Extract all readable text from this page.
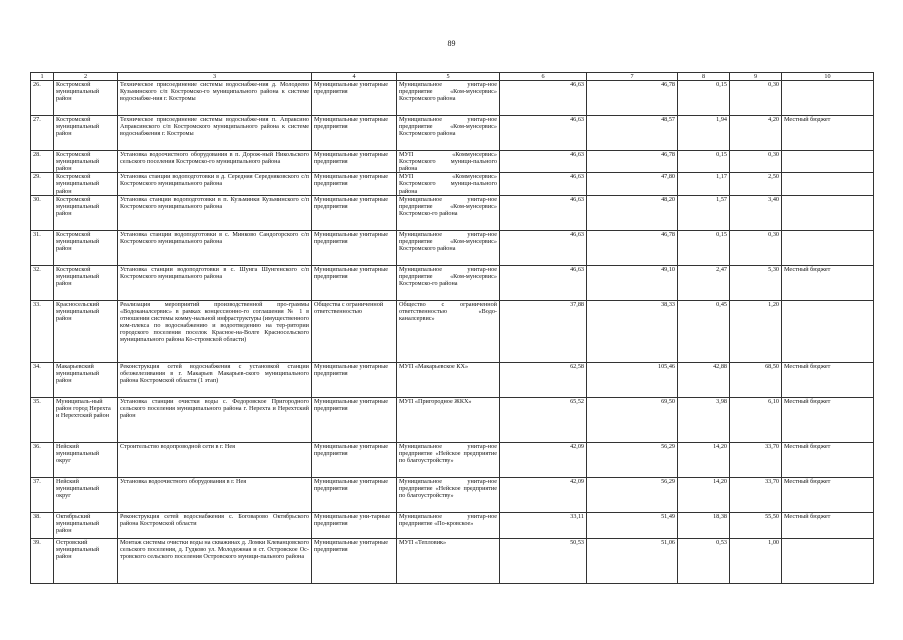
89
1	2	3	4	5	6	7	8	9	10
26.	Костромской муниципальный район	Техническое присоединение системы водоснабже-ния д. Молодеево Кузьминского с/п Костромско-го муниципального района к системе водоснабже-ния г. Костромы	Муниципальные унитарные предприятия	Муниципальное унитар-ное предприятие «Ком-мунсервис» Костромского района	46,63	46,78	0,15	0,30	
27.	Костромской муниципальный район	Техническое присоединение системы водоснабже-ния п. Апраксино Апраксинского с/п Костромского муниципального района к системе водоснабжения г. Костромы	Муниципальные унитарные предприятия	Муниципальное унитар-ное предприятие «Ком-мунсервис» Костромского района	46,63	48,57	1,94	4,20	Местный бюджет
28.	Костромской муниципальный район	Установка водоочистного оборудования в п. Дорож-ный Никольского сельского поселения Костромско-го муниципального района	Муниципальные унитарные предприятия	МУП «Коммунсервис» Костромского муници-пального района	46,63	46,78	0,15	0,30	
29.	Костромской муниципальный район	Установка станции водоподготовки в д. Середняя Середняковского с/п Костромского муниципального района	Муниципальные унитарные предприятия	МУП «Коммунсервис» Костромского муници-пального района	46,63	47,80	1,17	2,50	
30.	Костромской муниципальный район	Установка станции водоподготовки в п. Кузьминки Кузьминского с/п Костромского муниципального района	Муниципальные унитарные предприятия	Муниципальное унитар-ное предприятие «Ком-мунсервис» Костромско-го района	46,63	48,20	1,57	3,40	
31.	Костромской муниципальный район	Установка станции водоподготовки в с. Минково Сандогорского с/п Костромского муниципального района	Муниципальные унитарные предприятия	Муниципальное унитар-ное предприятие «Ком-мунсервис» Костромского района	46,63	46,78	0,15	0,30	
32.	Костромской муниципальный район	Установка станции водоподготовки в с. Шунга Шунгенского с/п Костромского муниципального района	Муниципальные унитарные предприятия	Муниципальное унитар-ное предприятие «Ком-мунсервис» Костромско-го района	46,63	49,10	2,47	5,30	Местный бюджет
33.	Красносельский муниципальный район	Реализация мероприятий производственной про-граммы «Водоканалсервис» в рамках концессионно-го соглашения № 1 в отношении системы комму-нальной инфраструктуры (имущественного ком-плекса по водоснабжению и водоотведению на тер-ритории городского поселения поселок Красное-на-Волге Красносельского муниципального района Ко-стромской области)	Общества с ограниченной ответственностью	Общество с ограниченной ответственностью «Водо-каналсервис»	37,88	38,33	0,45	1,20	
34.	Макарьевский муниципальный район	Реконструкция сетей водоснабжения с установкой станции обезжелезивания в г. Макарьев Макарьев-ского муниципального района Костромской области (1 этап)	Муниципальные унитарные предприятия	МУП «Макарьевское КХ»	62,58	105,46	42,88	68,50	Местный бюджет
35.	Муниципаль-ный район город Нерехта и Нерехтский район	Установка станции очистки воды с. Федоровское Пригородного сельского поселения муниципального района г. Нерехта и Нерехтский район	Муниципальные унитарные предприятия	МУП «Пригородное ЖКХ»	65,52	69,50	3,98	6,10	Местный бюджет
36.	Нейский муниципальный округ	Строительство водопроводной сети в г. Нея	Муниципальные унитарные предприятия	Муниципальное унитар-ное предприятие «Нейское предприятие по благоустройству»	42,09	56,29	14,20	33,70	Местный бюджет
37.	Нейский муниципальный округ	Установка водоочистного оборудования в г. Нея	Муниципальные унитарные предприятия	Муниципальное унитар-ное предприятие «Нейское предприятие по благоустройству»	42,09	56,29	14,20	33,70	Местный бюджет
38.	Октябрьский муниципальный район	Реконструкция сетей водоснабжения с. Боговарово Октябрьского района Костромской области	Муниципальные уни-тарные предприятия	Муниципальное унитар-ное предприятие «По-кровское»	33,11	51,49	18,38	55,50	Местный бюджет
39.	Островский муниципальный район	Монтаж системы очистки воды на скважинах д. Ломки Клеванцовского сельского поселения, д. Гудково ул. Молодежная и ст. Островское Ос-тровского сельского поселения Островского муници-пального района	Муниципальные унитарные предприятия	МУП «Тепловик»	50,53	51,06	0,53	1,00	
